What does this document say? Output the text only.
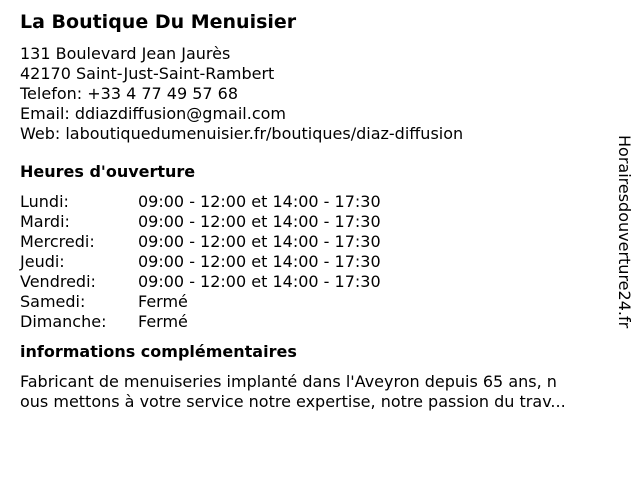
La Boutique Du Menuisier
131 Boulevard Jean Jaurès
42170 Saint-Just-Saint-Rambert
Telefon: +33 4 77 49 57 68
Email: ddiazdiffusion@gmail.com
Web: laboutiquedumenuisier.fr/boutiques/diaz-diffusion
Heures d'ouverture
Lundi:	09:00 - 12:00 et 14:00 - 17:30
Mardi:	09:00 - 12:00 et 14:00 - 17:30
Mercredi:	09:00 - 12:00 et 14:00 - 17:30
Jeudi:	09:00 - 12:00 et 14:00 - 17:30
Vendredi:	09:00 - 12:00 et 14:00 - 17:30
Samedi:	Fermé
Dimanche:	Fermé
informations complémentaires
Fabricant de menuiseries implanté dans l'Aveyron depuis 65 ans, n
ous mettons à votre service notre expertise, notre passion du trav...
Horairesdouverture24.fr
